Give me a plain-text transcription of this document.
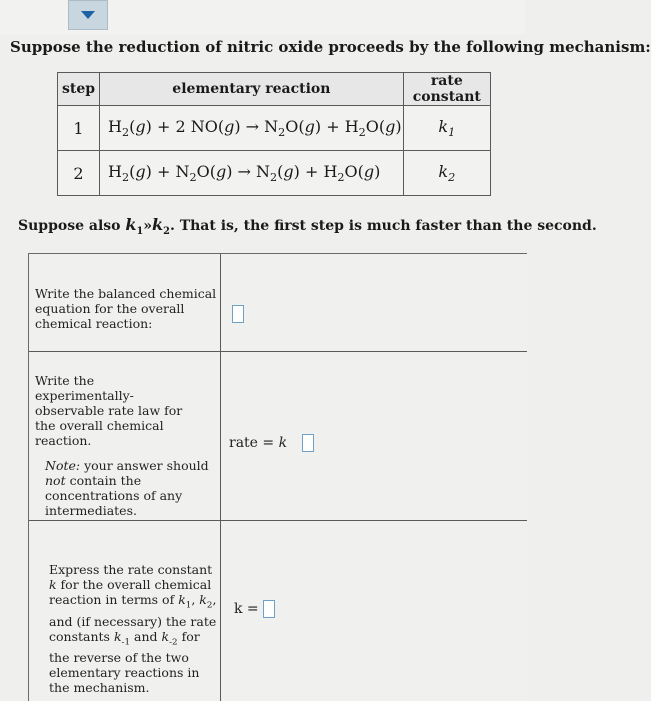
Suppose the reduction of nitric oxide proceeds by the following mechanism:
step	elementary reaction	rate constant
1	$H_2(g) + 2$ $NO(g) \to N_2O(g) + H_2O(g)$	$k_1$
2	$H_2(g) + N_2O(g) \to N_2(g) + H_2O(g)$	$k_2$
Suppose also $k_1»k_2$. That is, the first step is much faster than the second.
Write the balanced chemical equation for the overall chemical reaction:
Write the experimentally-observable rate law for the overall chemical reaction.
Note: your answer should not contain the concentrations of any intermediates.
rate = k
Express the rate constant k for the overall chemical reaction in terms of $k_1$, $k_2$, and (if necessary) the rate constants $k_{-1}$ and $k_{-2}$ for the reverse of the two elementary reactions in the mechanism.
k =
